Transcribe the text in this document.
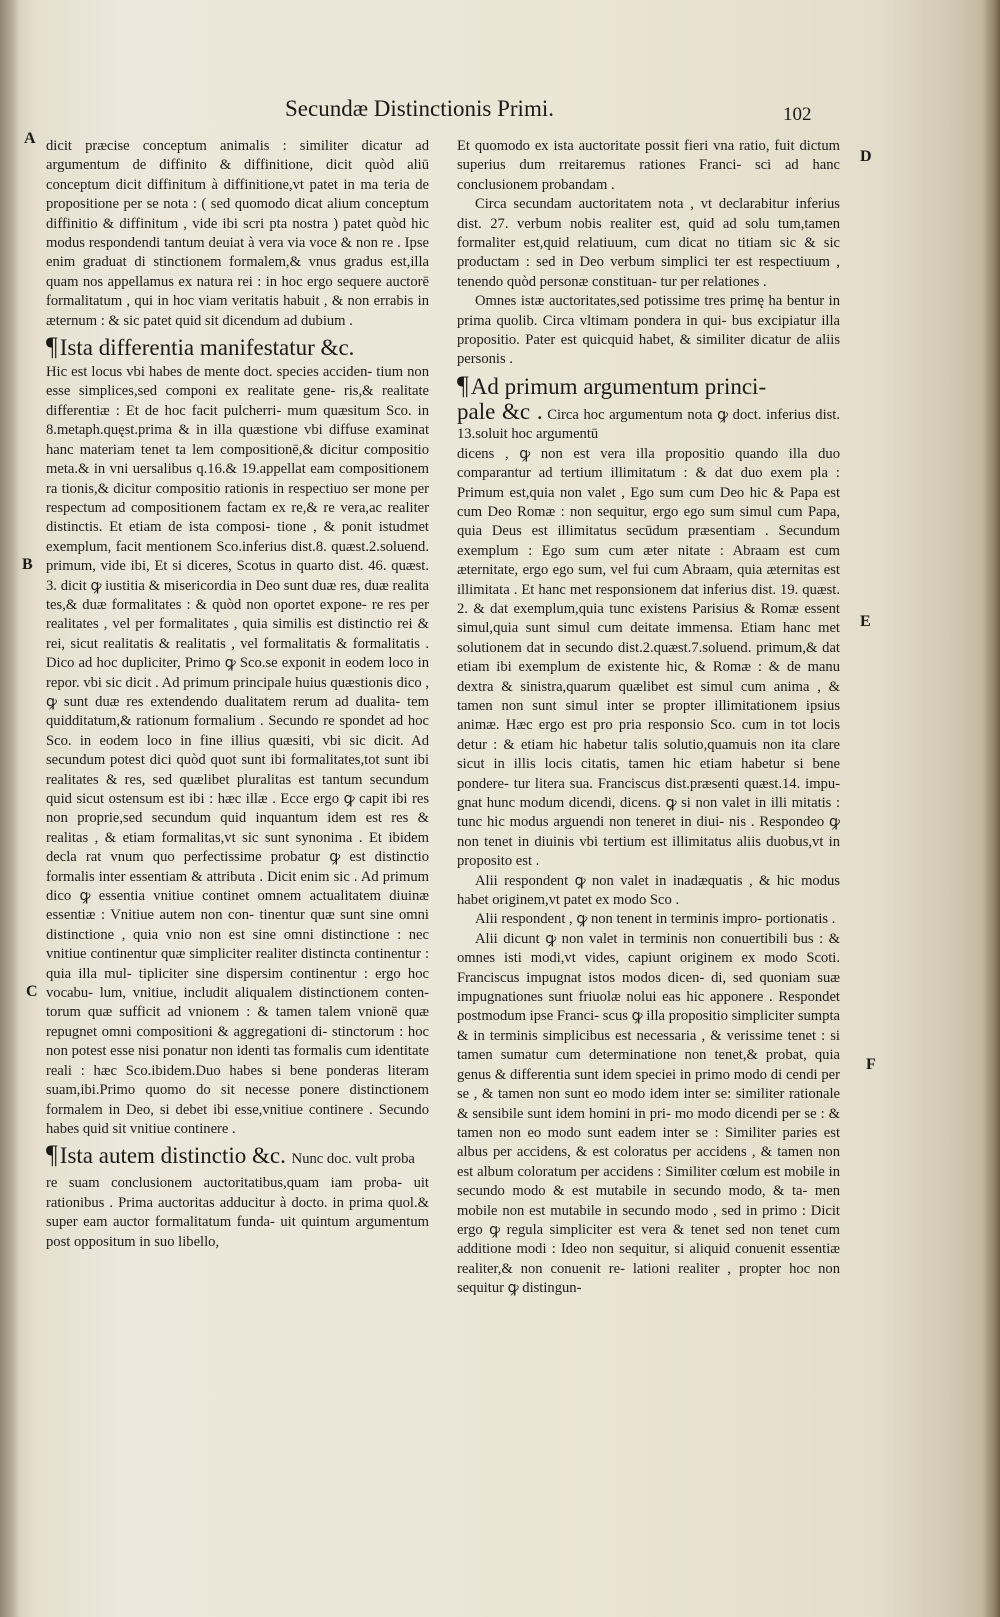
Secundæ Distinctionis Primi.	102
A
B
C
D
E
F

dicit præcise conceptum animalis : similiter dicatur ad argumentum de diffinito & diffinitione, dicit quòd aliū conceptum dicit diffinitum à diffinitione,vt patet in ma teria de propositione per se nota : ( sed quomodo dicat alium conceptum diffinitio & diffinitum , vide ibi scri pta nostra ) patet quòd hic modus respondendi tantum deuiat à vera via voce & non re . Ipse enim graduat di stinctionem formalem,& vnus gradus est,illa quam nos appellamus ex natura rei : in hoc ergo sequere auctorē formalitatum , qui in hoc viam veritatis habuit , & non errabis in æternum : & sic patet quid sit dicendum ad dubium .

¶Ista differentia manifestatur &c.

Hic est locus vbi habes de mente doct. species acciden- tium non esse simplices,sed componi ex realitate gene- ris,& realitate differentiæ : Et de hoc facit pulcherri- mum quæsitum Sco. in 8.metaph.quęst.prima & in illa quæstione vbi diffuse examinat hanc materiam tenet ta lem compositionē,& dicitur compositio meta.& in vni uersalibus q.16.& 19.appellat eam compositionem ra tionis,& dicitur compositio rationis in respectiuo ser mone per respectum ad compositionem factam ex re,& re vera,ac realiter distinctis. Et etiam de ista composi- tione , & ponit istudmet exemplum, facit mentionem Sco.inferius dist.8. quæst.2.soluend. primum, vide ibi, Et si diceres, Scotus in quarto dist. 46. quæst. 3. dicit ꝙ iustitia & misericordia in Deo sunt duæ res, duæ realita tes,& duæ formalitates : & quòd non oportet expone- re res per realitates , vel per formalitates , quia similis est distinctio rei & rei, sicut realitatis & realitatis , vel formalitatis & formalitatis . Dico ad hoc dupliciter, Primo ꝙ Sco.se exponit in eodem loco in repor. vbi sic dicit . Ad primum principale huius quæstionis dico , ꝙ sunt duæ res extendendo dualitatem rerum ad dualita- tem quidditatum,& rationum formalium . Secundo re spondet ad hoc Sco. in eodem loco in fine illius quæsiti, vbi sic dicit. Ad secundum potest dici quòd quot sunt ibi formalitates,tot sunt ibi realitates & res, sed quælibet pluralitas est tantum secundum quid sicut ostensum est ibi : hæc illæ . Ecce ergo ꝙ capit ibi res non proprie,sed secundum quid inquantum idem est res & realitas , & etiam formalitas,vt sic sunt synonima . Et ibidem decla rat vnum quo perfectissime probatur ꝙ est distinctio formalis inter essentiam & attributa . Dicit enim sic . Ad primum dico ꝙ essentia vnitiue continet omnem actualitatem diuinæ essentiæ : Vnitiue autem non con- tinentur quæ sunt sine omni distinctione , quia vnio non est sine omni distinctione : nec vnitiue continentur quæ simpliciter realiter distincta continentur : quia illa mul- tipliciter sine dispersim continentur : ergo hoc vocabu- lum, vnitiue, includit aliqualem distinctionem conten- torum quæ sufficit ad vnionem : & tamen talem vnionē quæ repugnet omni compositioni & aggregationi di- stinctorum : hoc non potest esse nisi ponatur non identi tas formalis cum identitate reali : hæc Sco.ibidem.Duo habes si bene ponderas literam suam,ibi.Primo quomo do sit necesse ponere distinctionem formalem in Deo, si debet ibi esse,vnitiue continere . Secundo habes quid sit vnitiue continere .

¶Ista autem distinctio &c. Nunc doc. vult proba

re suam conclusionem auctoritatibus,quam iam proba- uit rationibus . Prima auctoritas adducitur à docto. in prima quol.& super eam auctor formalitatum funda- uit quintum argumentum post oppositum in suo libello,

Et quomodo ex ista auctoritate possit fieri vna ratio, fuit dictum superius dum rreitaremus rationes Franci- sci ad hanc conclusionem probandam .

Circa secundam auctoritatem nota , vt declarabitur inferius dist. 27. verbum nobis realiter est, quid ad solu tum,tamen formaliter est,quid relatiuum, cum dicat no titiam sic & sic productam : sed in Deo verbum simplici ter est respectiuum , tenendo quòd personæ constituan- tur per relationes .

Omnes istæ auctoritates,sed potissime tres primę ha bentur in prima quolib. Circa vltimam pondera in qui- bus excipiatur illa propositio. Pater est quicquid habet, & similiter dicatur de aliis personis .

¶Ad primum argumentum princi-
pale &c . Circa hoc argumentum nota ꝙ doct. inferius dist. 13.soluit hoc argumentū

dicens , ꝙ non est vera illa propositio quando illa duo comparantur ad tertium illimitatum : & dat duo exem pla : Primum est,quia non valet , Ego sum cum Deo hic & Papa est cum Deo Romæ : non sequitur, ergo ego sum simul cum Papa, quia Deus est illimitatus secūdum præsentiam . Secundum exemplum : Ego sum cum æter nitate : Abraam est cum æternitate, ergo ego sum, vel fui cum Abraam, quia æternitas est illimitata . Et hanc met responsionem dat inferius dist. 19. quæst. 2. & dat exemplum,quia tunc existens Parisius & Romæ essent simul,quia sunt simul cum deitate immensa. Etiam hanc met solutionem dat in secundo dist.2.quæst.7.soluend. primum,& dat etiam ibi exemplum de existente hic, & Romæ : & de manu dextra & sinistra,quarum quælibet est simul cum anima , & tamen non sunt simul inter se propter illimitationem ipsius animæ. Hæc ergo est pro pria responsio Sco. cum in tot locis detur : & etiam hic habetur talis solutio,quamuis non ita clare sicut in illis locis citatis, tamen hic etiam habetur si bene pondere- tur litera sua. Franciscus dist.præsenti quæst.14. impu- gnat hunc modum dicendi, dicens. ꝙ si non valet in illi mitatis : tunc hic modus arguendi non teneret in diui- nis . Respondeo ꝙ non tenet in diuinis vbi tertium est illimitatus aliis duobus,vt in proposito est .

Alii respondent ꝙ non valet in inadæquatis , & hic modus habet originem,vt patet ex modo Sco .

Alii respondent , ꝙ non tenent in terminis impro- portionatis .

Alii dicunt ꝙ non valet in terminis non conuertibili bus : & omnes isti modi,vt vides, capiunt originem ex modo Scoti. Franciscus impugnat istos modos dicen- di, sed quoniam suæ impugnationes sunt friuolæ nolui eas hic apponere . Respondet postmodum ipse Franci- scus ꝙ illa propositio simpliciter sumpta & in terminis simplicibus est necessaria , & verissime tenet : si tamen sumatur cum determinatione non tenet,& probat, quia genus & differentia sunt idem speciei in primo modo di cendi per se , & tamen non sunt eo modo idem inter se: similiter rationale & sensibile sunt idem homini in pri- mo modo dicendi per se : & tamen non eo modo sunt eadem inter se : Similiter paries est albus per accidens, & est coloratus per accidens , & tamen non est album coloratum per accidens : Similiter cœlum est mobile in secundo modo & est mutabile in secundo modo, & ta- men mobile non est mutabile in secundo modo , sed in primo : Dicit ergo ꝙ regula simpliciter est vera & tenet sed non tenet cum additione modi : Ideo non sequitur, si aliquid conuenit essentiæ realiter,& non conuenit re- lationi realiter , propter hoc non sequitur ꝙ distingun-
